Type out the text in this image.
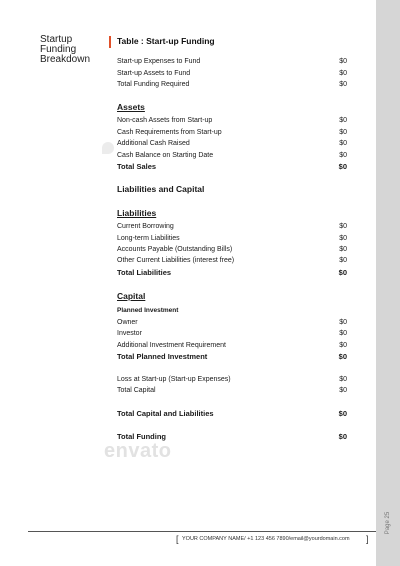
Page 25
Startup
Funding
Breakdown
Table : Start-up Funding
envato
Start-up Expenses to Fund	$0
Start-up Assets to Fund	$0
Total Funding Required	$0
Assets
Non-cash Assets from Start-up	$0
Cash Requirements from Start-up	$0
Additional Cash Raised	$0
Cash Balance on Starting Date	$0
Total Sales	$0
Liabilities and Capital
Liabilities
Current Borrowing	$0
Long-term Liabilities	$0
Accounts Payable (Outstanding Bills)	$0
Other Current Liabilities (interest free)	$0
Total Liabilities	$0
Capital
Planned Investment
Owner	$0
Investor	$0
Additional Investment Requirement	$0
Total Planned Investment	$0
Loss at Start-up (Start-up Expenses)	$0
Total Capital	$0
Total Capital and Liabilities	$0
Total Funding	$0
[ YOUR COMPANY NAME/ +1 123 456 7890/email@yourdomain.com ]
